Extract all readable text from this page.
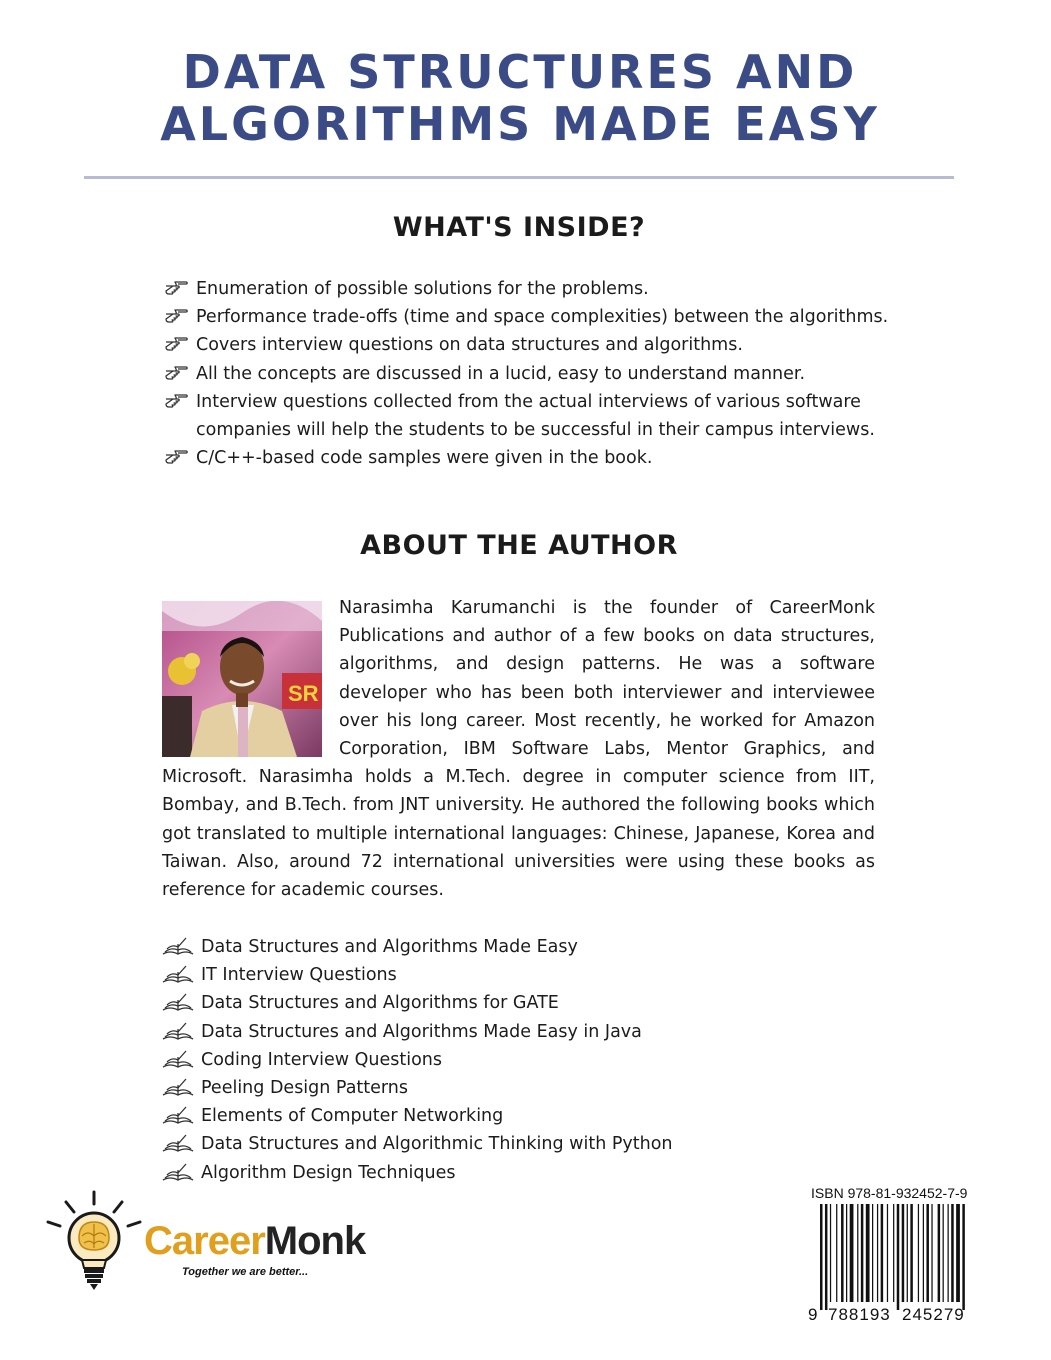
DATA STRUCTURES AND
ALGORITHMS MADE EASY
WHAT'S INSIDE?
Enumeration of possible solutions for the problems.
Performance trade-offs (time and space complexities) between the algorithms.
Covers interview questions on data structures and algorithms.
All the concepts are discussed in a lucid, easy to understand manner.
Interview questions collected from the actual interviews of various software companies will help the students to be successful in their campus interviews.
C/C++-based code samples were given in the book.
ABOUT THE AUTHOR
SR

Narasimha Karumanchi is the founder of CareerMonk Publications and author of a few books on data structures, algorithms, and design patterns. He was a software developer who has been both interviewer and interviewee over his long career. Most recently, he worked for Amazon Corporation, IBM Software Labs, Mentor Graphics, and Microsoft. Narasimha holds a M.Tech. degree in computer science from IIT, Bombay, and B.Tech. from JNT university. He authored the following books which got translated to multiple international languages: Chinese, Japanese, Korea and Taiwan. Also, around 72 international universities were using these books as reference for academic courses.

Data Structures and Algorithms Made Easy
IT Interview Questions
Data Structures and Algorithms for GATE
Data Structures and Algorithms Made Easy in Java
Coding Interview Questions
Peeling Design Patterns
Elements of Computer Networking
Data Structures and Algorithmic Thinking with Python
Algorithm Design Techniques
CareerMonk
Together we are better...
ISBN 978-81-932452-7-9
9 788193 245279
